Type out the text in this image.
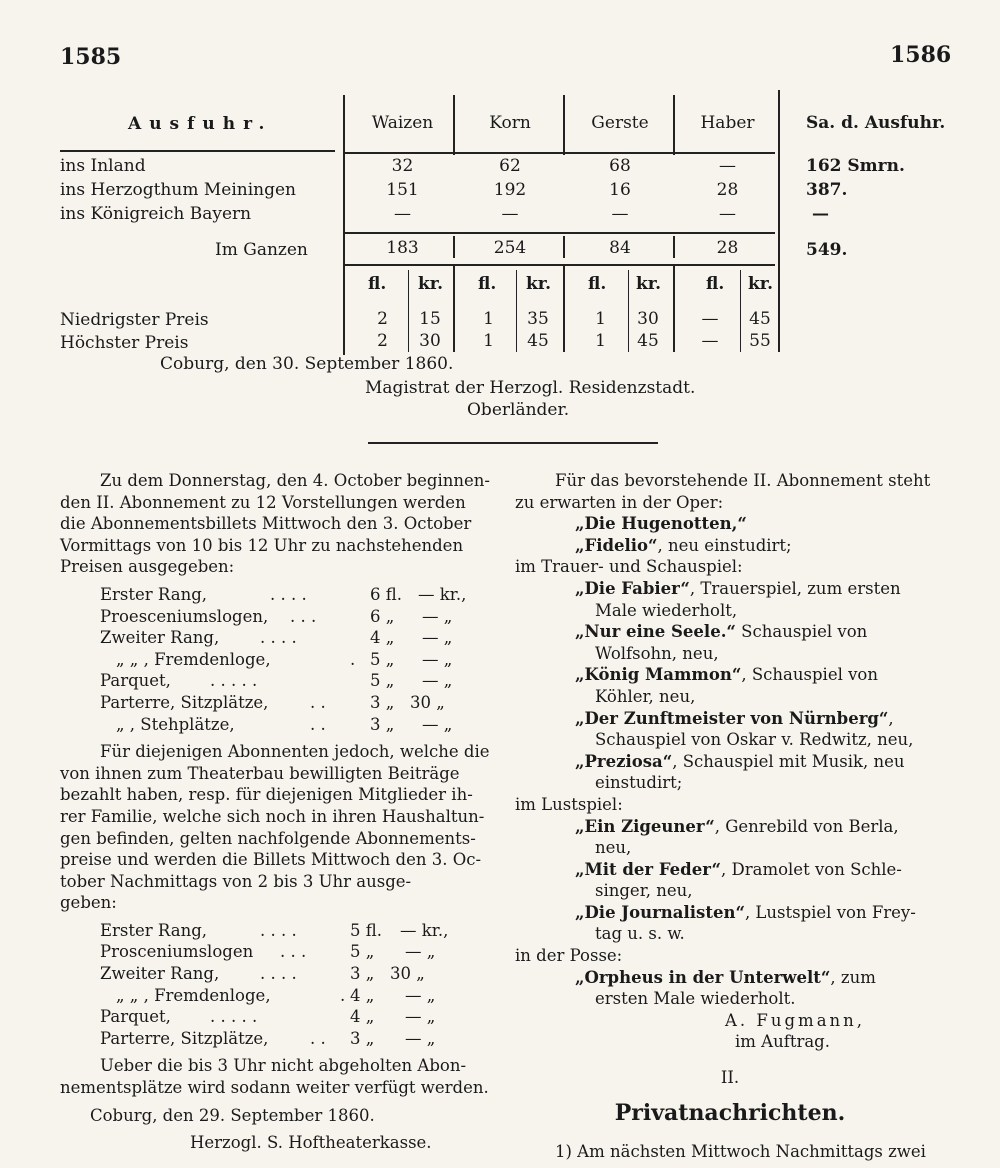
1585	1586
Ausfuhr.	Waizen	Korn	Gerste	Haber	Sa. d. Ausfuhr.
ins Inland	32	62	68	—	162 Smrn.
ins Herzogthum Meiningen	151	192	16	28	387.
ins Königreich Bayern	—	—	—	—	—
Im Ganzen	183	254	84	28	549.
fl. kr. fl. kr. fl. kr.	fl. kr.
Niedrigster Preis	2	15	1	35	1	30	—	45
Höchster Preis	2	30	1	45	1	45	—	55
Coburg, den 30. September 1860.
Magistrat der Herzogl. Residenzstadt.
Oberländer.
Zu dem Donnerstag, den 4. October beginnen-
den II. Abonnement zu 12 Vorstellungen werden
die Abonnementsbillets Mittwoch den 3. October
Vormittags von 10 bis 12 Uhr zu nachstehenden
Preisen ausgegeben:
Erster Rang,	. . . .	6 fl. — kr.,
Proesceniumslogen, . . .	6 „ — „
Zweiter Rang, . . . .	4 „ — „
„ „ , Fremdenloge,	. 5 „ — „
Parquet, . . . . .	5 „ — „
Parterre, Sitzplätze,	. .	3 „ 30 „
„ , Stehplätze,	. .	3 „ — „
Für diejenigen Abonnenten jedoch, welche die
von ihnen zum Theaterbau bewilligten Beiträge
bezahlt haben, resp. für diejenigen Mitglieder ih-
rer Familie, welche sich noch in ihren Haushaltun-
gen befinden, gelten nachfolgende Abonnements-
preise und werden die Billets Mittwoch den 3. Oc-
tober Nachmittags von 2 bis 3 Uhr ausge-
geben:
Erster Rang,	. . . .	5 fl. — kr.,
Prosceniumslogen . . .	5 „ — „
Zweiter Rang, . . . .	3 „ 30 „
„ „ , Fremdenloge,	. 4 „ — „
Parquet, . . . . .	4 „ — „
Parterre, Sitzplätze,	. . 3 „ — „
Ueber die bis 3 Uhr nicht abgeholten Abon-
nementsplätze wird sodann weiter verfügt werden.
Coburg, den 29. September 1860.
Herzogl. S. Hoftheaterkasse.
Für das bevorstehende II. Abonnement steht
zu erwarten in der Oper:
„Die Hugenotten,“
„Fidelio“, neu einstudirt;
im Trauer- und Schauspiel:
„Die Fabier“, Trauerspiel, zum ersten
Male wiederholt,
„Nur eine Seele.“ Schauspiel von
Wolfsohn, neu,
„König Mammon“, Schauspiel von
Köhler, neu,
„Der Zunftmeister von Nürnberg“,
Schauspiel von Oskar v. Redwitz, neu,
„Preziosa“, Schauspiel mit Musik, neu
einstudirt;
im Lustspiel:
„Ein Zigeuner“, Genrebild von Berla,
neu,
„Mit der Feder“, Dramolet von Schle-
singer, neu,
„Die Journalisten“, Lustspiel von Frey-
tag u. s. w.
in der Posse:
„Orpheus in der Unterwelt“, zum
ersten Male wiederholt.
A. Fugmann,
im Auftrag.
II.
Privatnachrichten.
1) Am nächsten Mittwoch Nachmittags zwei
